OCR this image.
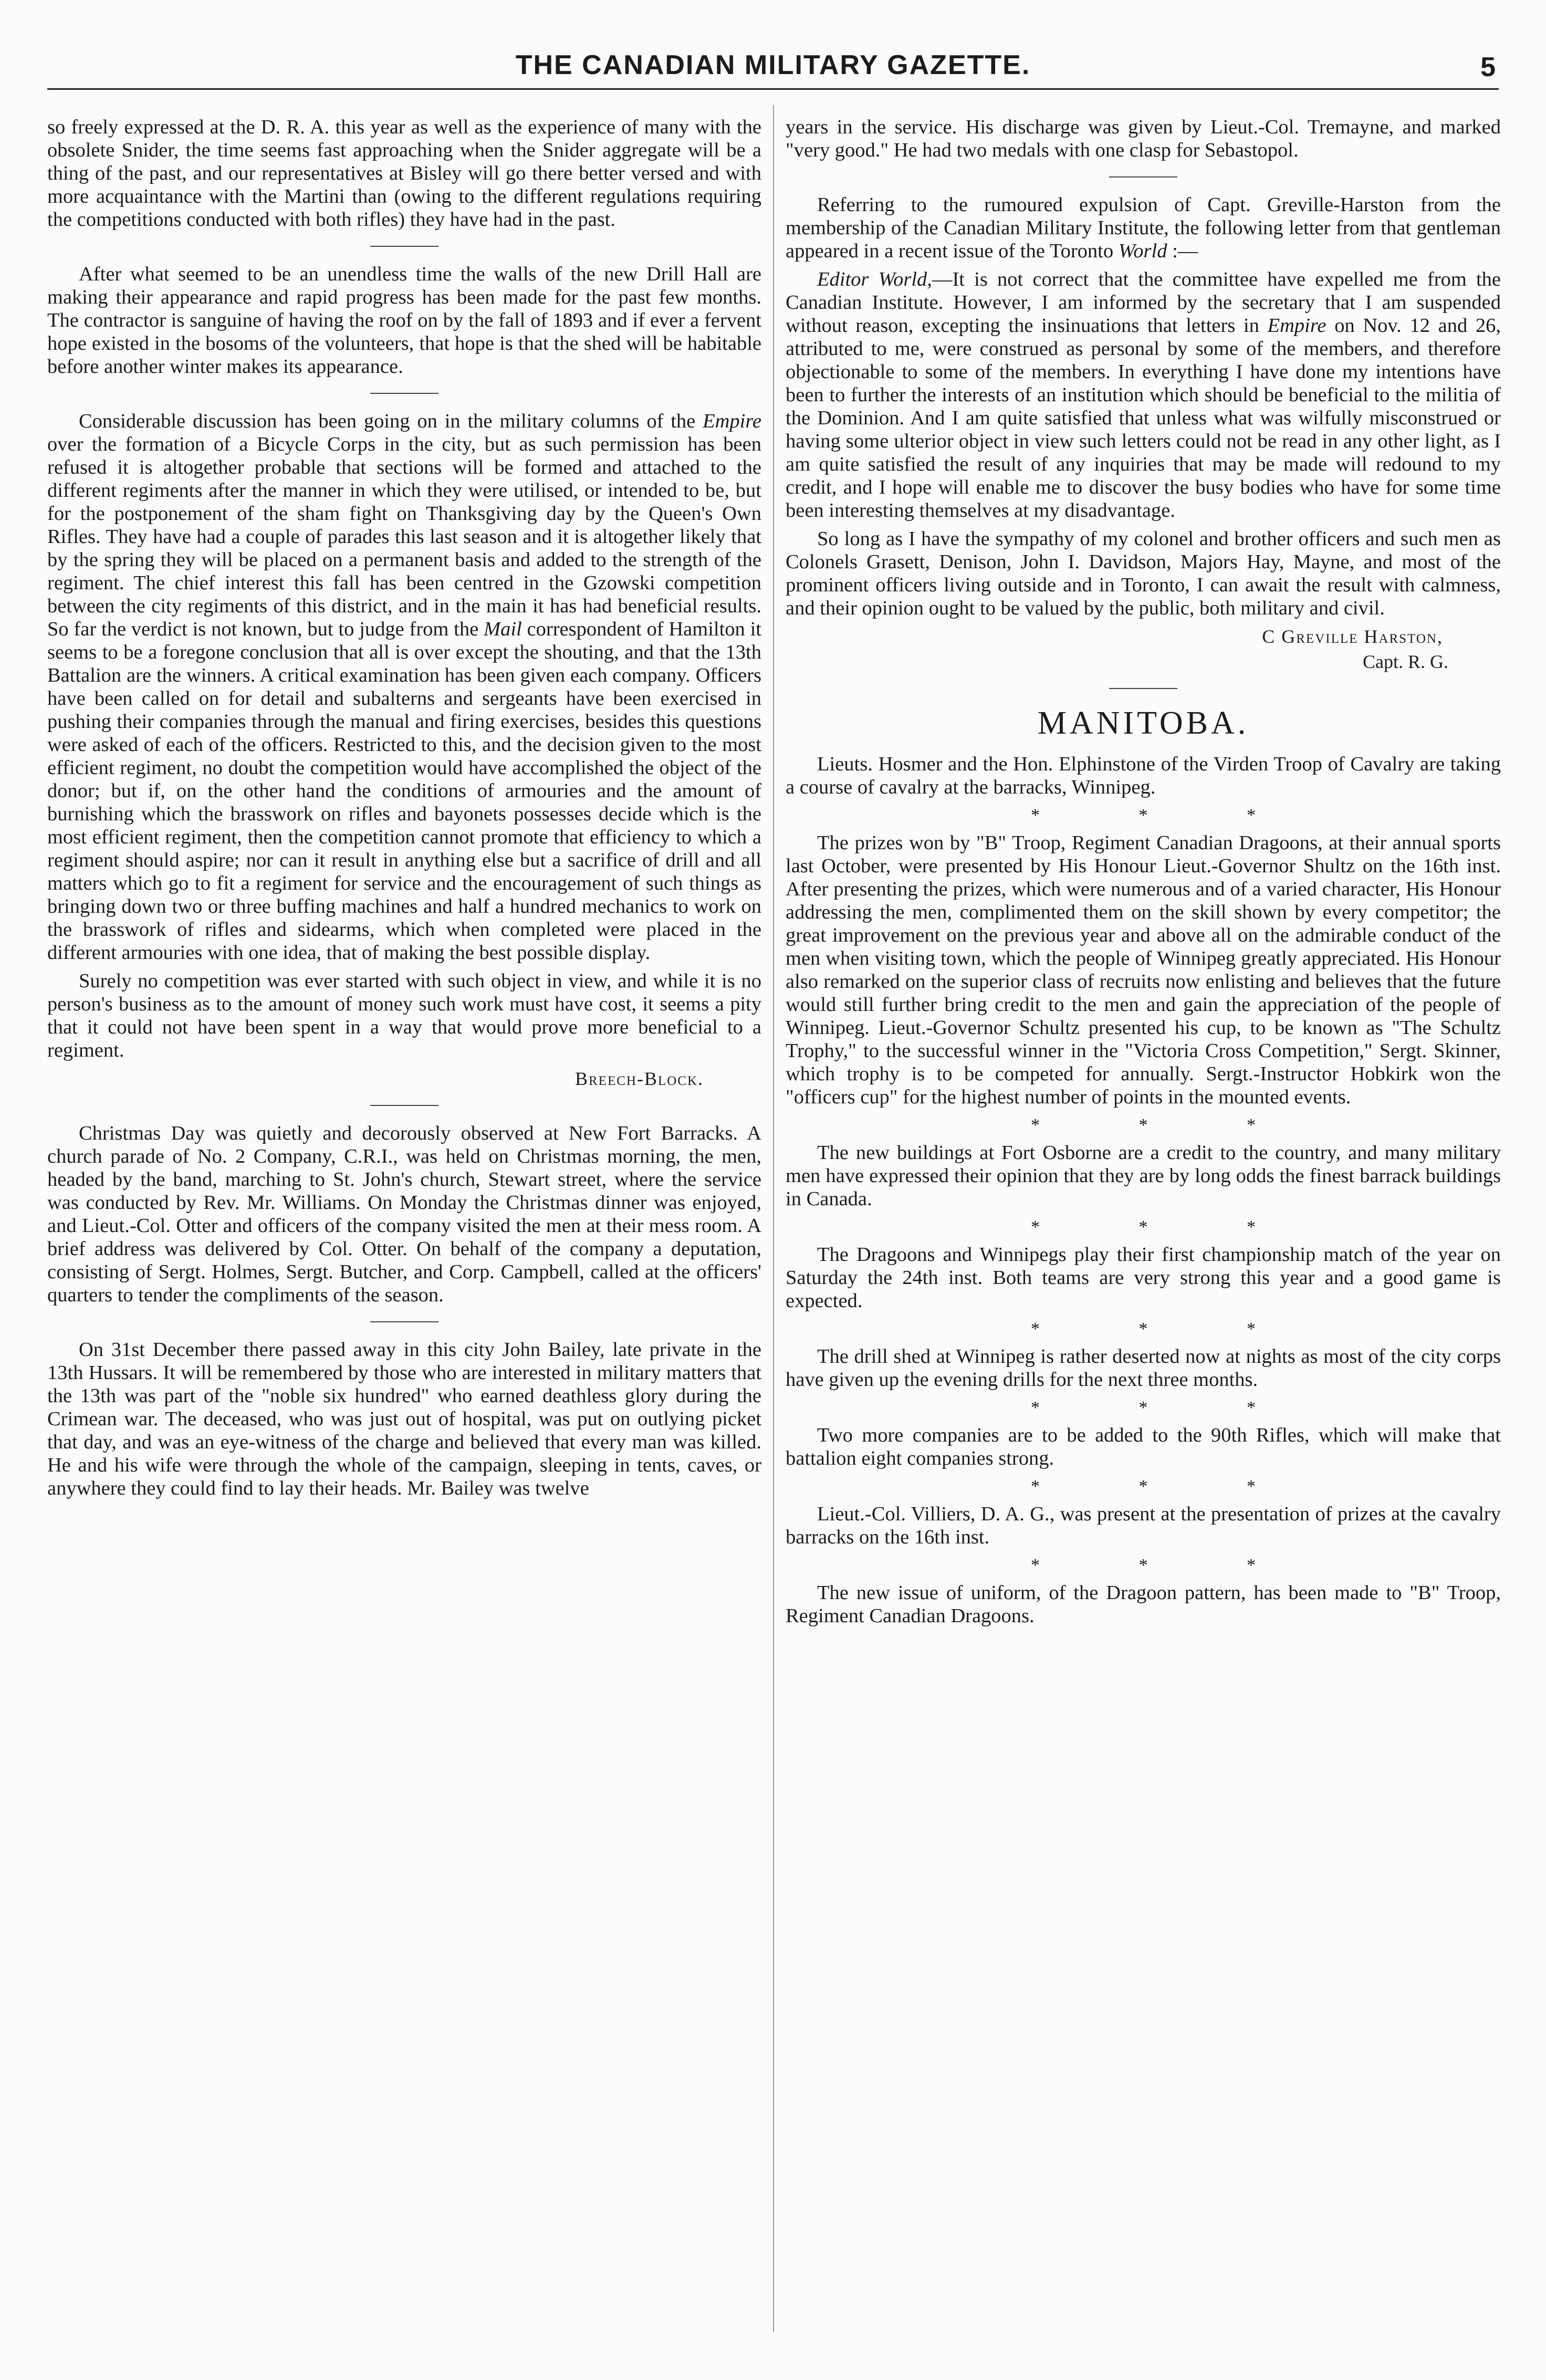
THE CANADIAN MILITARY GAZETTE.	5

so freely expressed at the D. R. A. this year as well as the experience of many with the obsolete Snider, the time seems fast approaching when the Snider aggregate will be a thing of the past, and our representatives at Bisley will go there better versed and with more acquaintance with the Martini than (owing to the different regulations requiring the competitions conducted with both rifles) they have had in the past.

After what seemed to be an unendless time the walls of the new Drill Hall are making their appearance and rapid progress has been made for the past few months. The contractor is sanguine of having the roof on by the fall of 1893 and if ever a fervent hope existed in the bosoms of the volunteers, that hope is that the shed will be habitable before another winter makes its appearance.

Considerable discussion has been going on in the military columns of the Empire over the formation of a Bicycle Corps in the city, but as such permission has been refused it is altogether probable that sections will be formed and attached to the different regiments after the manner in which they were utilised, or intended to be, but for the postponement of the sham fight on Thanksgiving day by the Queen's Own Rifles. They have had a couple of parades this last season and it is altogether likely that by the spring they will be placed on a permanent basis and added to the strength of the regiment. The chief interest this fall has been centred in the Gzowski competition between the city regiments of this district, and in the main it has had beneficial results. So far the verdict is not known, but to judge from the Mail correspondent of Hamilton it seems to be a foregone conclusion that all is over except the shouting, and that the 13th Battalion are the winners. A critical examination has been given each company. Officers have been called on for detail and subalterns and sergeants have been exercised in pushing their companies through the manual and firing exercises, besides this questions were asked of each of the officers. Restricted to this, and the decision given to the most efficient regiment, no doubt the competition would have accomplished the object of the donor; but if, on the other hand the conditions of armouries and the amount of burnishing which the brasswork on rifles and bayonets possesses decide which is the most efficient regiment, then the competition cannot promote that efficiency to which a regiment should aspire; nor can it result in anything else but a sacrifice of drill and all matters which go to fit a regiment for service and the encouragement of such things as bringing down two or three buffing machines and half a hundred mechanics to work on the brasswork of rifles and sidearms, which when completed were placed in the different armouries with one idea, that of making the best possible display.

Surely no competition was ever started with such object in view, and while it is no person's business as to the amount of money such work must have cost, it seems a pity that it could not have been spent in a way that would prove more beneficial to a regiment.

Breech-Block.

Christmas Day was quietly and decorously observed at New Fort Barracks. A church parade of No. 2 Company, C.R.I., was held on Christmas morning, the men, headed by the band, marching to St. John's church, Stewart street, where the service was conducted by Rev. Mr. Williams. On Monday the Christmas dinner was enjoyed, and Lieut.-Col. Otter and officers of the company visited the men at their mess room. A brief address was delivered by Col. Otter. On behalf of the company a deputation, consisting of Sergt. Holmes, Sergt. Butcher, and Corp. Campbell, called at the officers' quarters to tender the compliments of the season.

On 31st December there passed away in this city John Bailey, late private in the 13th Hussars. It will be remembered by those who are interested in military matters that the 13th was part of the "noble six hundred" who earned deathless glory during the Crimean war. The deceased, who was just out of hospital, was put on outlying picket that day, and was an eye-witness of the charge and believed that every man was killed. He and his wife were through the whole of the campaign, sleeping in tents, caves, or anywhere they could find to lay their heads. Mr. Bailey was twelve

years in the service. His discharge was given by Lieut.-Col. Tremayne, and marked "very good." He had two medals with one clasp for Sebastopol.

Referring to the rumoured expulsion of Capt. Greville-Harston from the membership of the Canadian Military Institute, the following letter from that gentleman appeared in a recent issue of the Toronto World :—

Editor World,—It is not correct that the committee have expelled me from the Canadian Institute. However, I am informed by the secretary that I am suspended without reason, excepting the insinuations that letters in Empire on Nov. 12 and 26, attributed to me, were construed as personal by some of the members, and therefore objectionable to some of the members. In everything I have done my intentions have been to further the interests of an institution which should be beneficial to the militia of the Dominion. And I am quite satisfied that unless what was wilfully misconstrued or having some ulterior object in view such letters could not be read in any other light, as I am quite satisfied the result of any inquiries that may be made will redound to my credit, and I hope will enable me to discover the busy bodies who have for some time been interesting themselves at my disadvantage.

So long as I have the sympathy of my colonel and brother officers and such men as Colonels Grasett, Denison, John I. Davidson, Majors Hay, Mayne, and most of the prominent officers living outside and in Toronto, I can await the result with calmness, and their opinion ought to be valued by the public, both military and civil.

C Greville Harston,
Capt. R. G.
MANITOBA.

Lieuts. Hosmer and the Hon. Elphinstone of the Virden Troop of Cavalry are taking a course of cavalry at the barracks, Winnipeg.

* * *

The prizes won by "B" Troop, Regiment Canadian Dragoons, at their annual sports last October, were presented by His Honour Lieut.-Governor Shultz on the 16th inst. After presenting the prizes, which were numerous and of a varied character, His Honour addressing the men, complimented them on the skill shown by every competitor; the great improvement on the previous year and above all on the admirable conduct of the men when visiting town, which the people of Winnipeg greatly appreciated. His Honour also remarked on the superior class of recruits now enlisting and believes that the future would still further bring credit to the men and gain the appreciation of the people of Winnipeg. Lieut.-Governor Schultz presented his cup, to be known as "The Schultz Trophy," to the successful winner in the "Victoria Cross Competition," Sergt. Skinner, which trophy is to be competed for annually. Sergt.-Instructor Hobkirk won the "officers cup" for the highest number of points in the mounted events.

* * *

The new buildings at Fort Osborne are a credit to the country, and many military men have expressed their opinion that they are by long odds the finest barrack buildings in Canada.

* * *

The Dragoons and Winnipegs play their first championship match of the year on Saturday the 24th inst. Both teams are very strong this year and a good game is expected.

* * *

The drill shed at Winnipeg is rather deserted now at nights as most of the city corps have given up the evening drills for the next three months.

* * *

Two more companies are to be added to the 90th Rifles, which will make that battalion eight companies strong.

* * *

Lieut.-Col. Villiers, D. A. G., was present at the presentation of prizes at the cavalry barracks on the 16th inst.

* * *

The new issue of uniform, of the Dragoon pattern, has been made to "B" Troop, Regiment Canadian Dragoons.
